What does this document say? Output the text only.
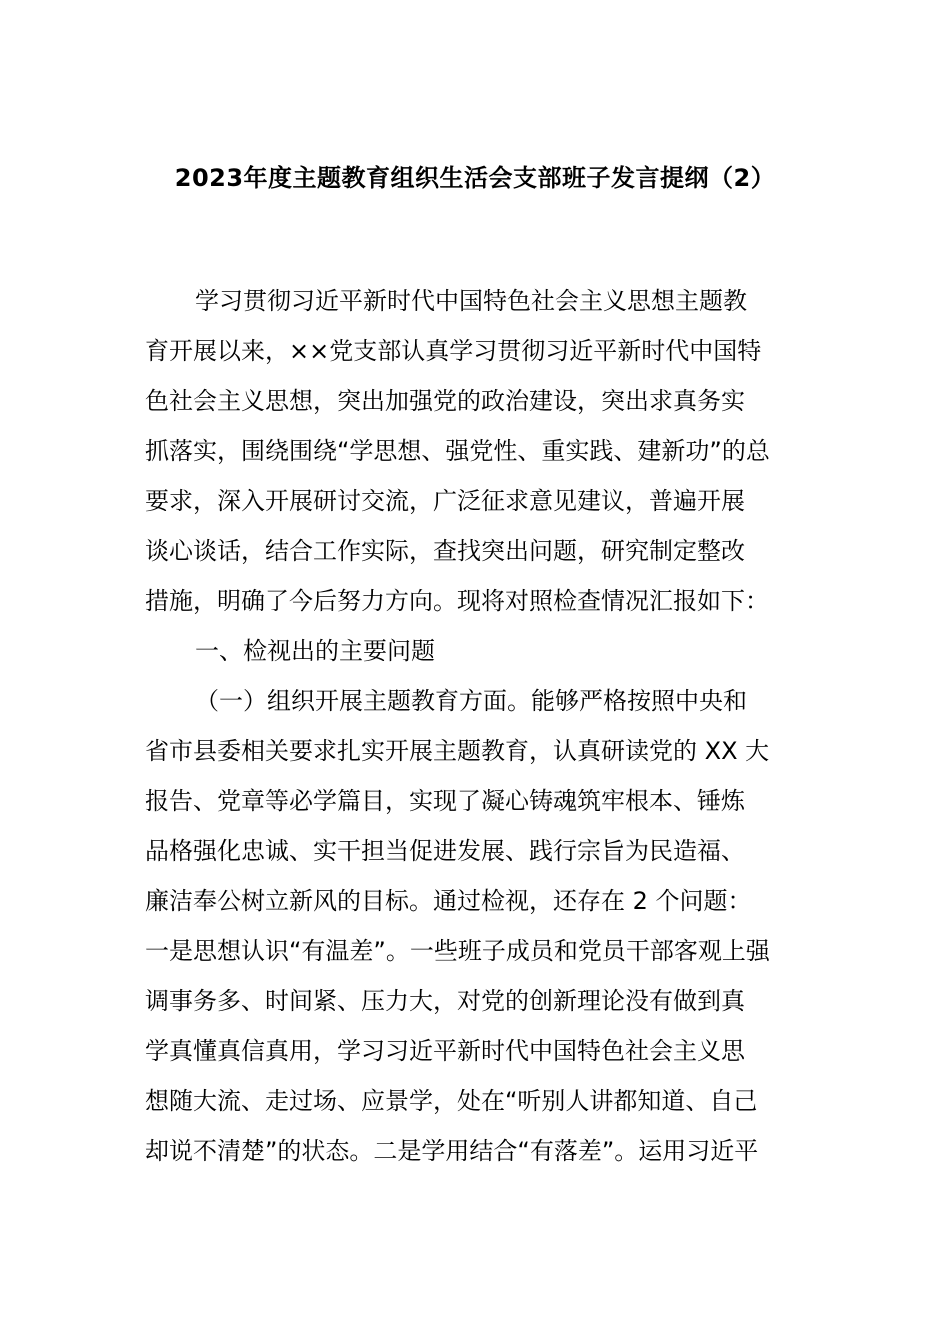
2023年度主题教育组织生活会支部班子发言提纲（2）
学习贯彻习近平新时代中国特色社会主义思想主题教
育开展以来，××党支部认真学习贯彻习近平新时代中国特
色社会主义思想，突出加强党的政治建设，突出求真务实
抓落实，围绕围绕“学思想、强党性、重实践、建新功”的总
要求，深入开展研讨交流，广泛征求意见建议，普遍开展
谈心谈话，结合工作实际，查找突出问题，研究制定整改
措施，明确了今后努力方向。现将对照检查情况汇报如下：
一、检视出的主要问题
（一）组织开展主题教育方面。能够严格按照中央和
省市县委相关要求扎实开展主题教育，认真研读党的 XX 大
报告、党章等必学篇目，实现了凝心铸魂筑牢根本、锤炼
品格强化忠诚、实干担当促进发展、践行宗旨为民造福、
廉洁奉公树立新风的目标。通过检视，还存在 2 个问题：
一是思想认识“有温差”。一些班子成员和党员干部客观上强
调事务多、时间紧、压力大，对党的创新理论没有做到真
学真懂真信真用，学习习近平新时代中国特色社会主义思
想随大流、走过场、应景学，处在“听别人讲都知道、自己
却说不清楚”的状态。二是学用结合“有落差”。运用习近平
